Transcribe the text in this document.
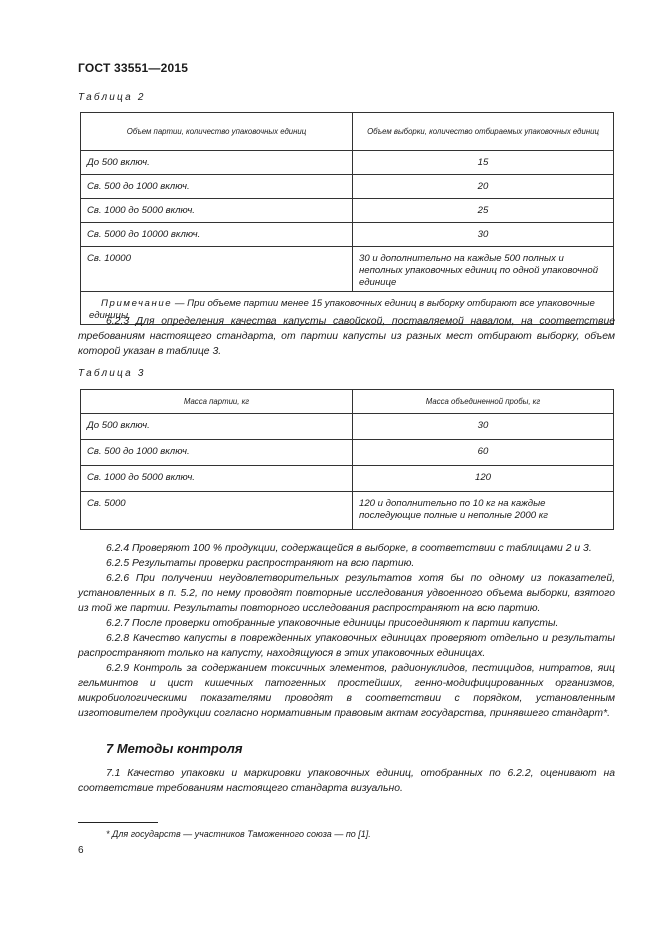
ГОСТ 33551—2015
Таблица 2
Объем партии, количество упаковочных единиц	Объем выборки, количество отбираемых упаковочных единиц
До 500 включ.	15
Св. 500 до 1000 включ.	20
Св. 1000 до 5000 включ.	25
Св. 5000 до 10000 включ.	30
Св. 10000	30 и дополнительно на каждые 500 полных и неполных упаковочных единиц по одной упаковочной единице
Примечание — При объеме партии менее 15 упаковочных единиц в выборку отбирают все упаковочные единицы.	

6.2.3 Для определения качества капусты савойской, поставляемой навалом, на соответствие требованиям настоящего стандарта, от партии капусты из разных мест отбирают выборку, объем которой указан в таблице 3.

Таблица 3
Масса партии, кг	Масса объединенной пробы, кг
До 500 включ.	30
Св. 500 до 1000 включ.	60
Св. 1000 до 5000 включ.	120
Св. 5000	120 и дополнительно по 10 кг на каждые последующие полные и неполные 2000 кг

6.2.4 Проверяют 100 % продукции, содержащейся в выборке, в соответствии с таблицами 2 и 3.

6.2.5 Результаты проверки распространяют на всю партию.

6.2.6 При получении неудовлетворительных результатов хотя бы по одному из показателей, установленных в п. 5.2, по нему проводят повторные исследования удвоенного объема выборки, взятого из той же партии. Результаты повторного исследования распространяют на всю партию.

6.2.7 После проверки отобранные упаковочные единицы присоединяют к партии капусты.

6.2.8 Качество капусты в поврежденных упаковочных единицах проверяют отдельно и результаты распространяют только на капусту, находящуюся в этих упаковочных единицах.

6.2.9 Контроль за содержанием токсичных элементов, радионуклидов, пестицидов, нитратов, яиц гельминтов и цист кишечных патогенных простейших, генно-модифицированных организмов, микробиологическими показателями проводят в соответствии с порядком, установленным изготовителем продукции согласно нормативным правовым актам государства, принявшего стандарт*.

7 Методы контроля

7.1 Качество упаковки и маркировки упаковочных единиц, отобранных по 6.2.2, оценивают на соответствие требованиям настоящего стандарта визуально.

* Для государств — участников Таможенного союза — по [1].
6
